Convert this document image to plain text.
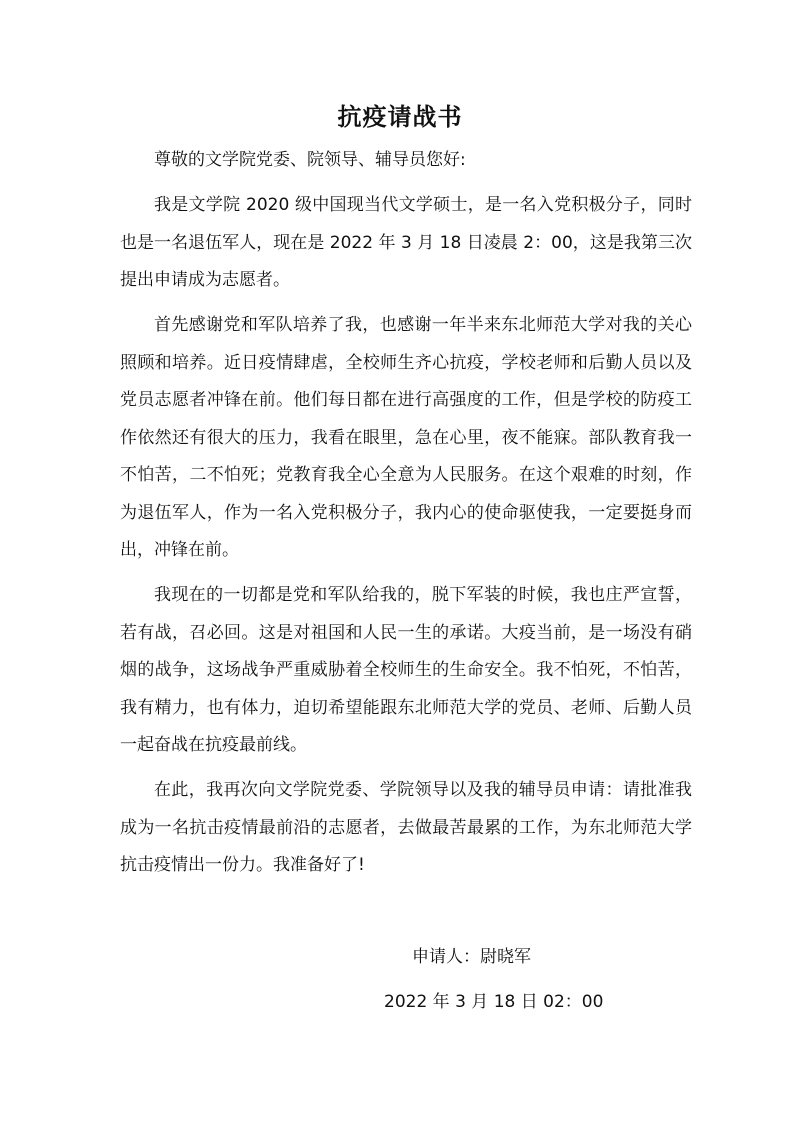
抗疫请战书

尊敬的文学院党委、院领导、辅导员您好:

我是文学院 2020 级中国现当代文学硕士，是一名入党积极分子，同时也是一名退伍军人，现在是 2022 年 3 月 18 日凌晨 2：00，这是我第三次提出申请成为志愿者。

首先感谢党和军队培养了我，也感谢一年半来东北师范大学对我的关心照顾和培养。近日疫情肆虐，全校师生齐心抗疫，学校老师和后勤人员以及党员志愿者冲锋在前。他们每日都在进行高强度的工作，但是学校的防疫工作依然还有很大的压力，我看在眼里，急在心里，夜不能寐。部队教育我一不怕苦，二不怕死；党教育我全心全意为人民服务。在这个艰难的时刻，作为退伍军人，作为一名入党积极分子，我内心的使命驱使我，一定要挺身而出，冲锋在前。

我现在的一切都是党和军队给我的，脱下军装的时候，我也庄严宣誓，若有战，召必回。这是对祖国和人民一生的承诺。大疫当前，是一场没有硝烟的战争，这场战争严重威胁着全校师生的生命安全。我不怕死，不怕苦，我有精力，也有体力，迫切希望能跟东北师范大学的党员、老师、后勤人员一起奋战在抗疫最前线。

在此，我再次向文学院党委、学院领导以及我的辅导员申请：请批准我成为一名抗击疫情最前沿的志愿者，去做最苦最累的工作，为东北师范大学抗击疫情出一份力。我准备好了!

申请人：尉晓军
2022 年 3 月 18 日 02：00
